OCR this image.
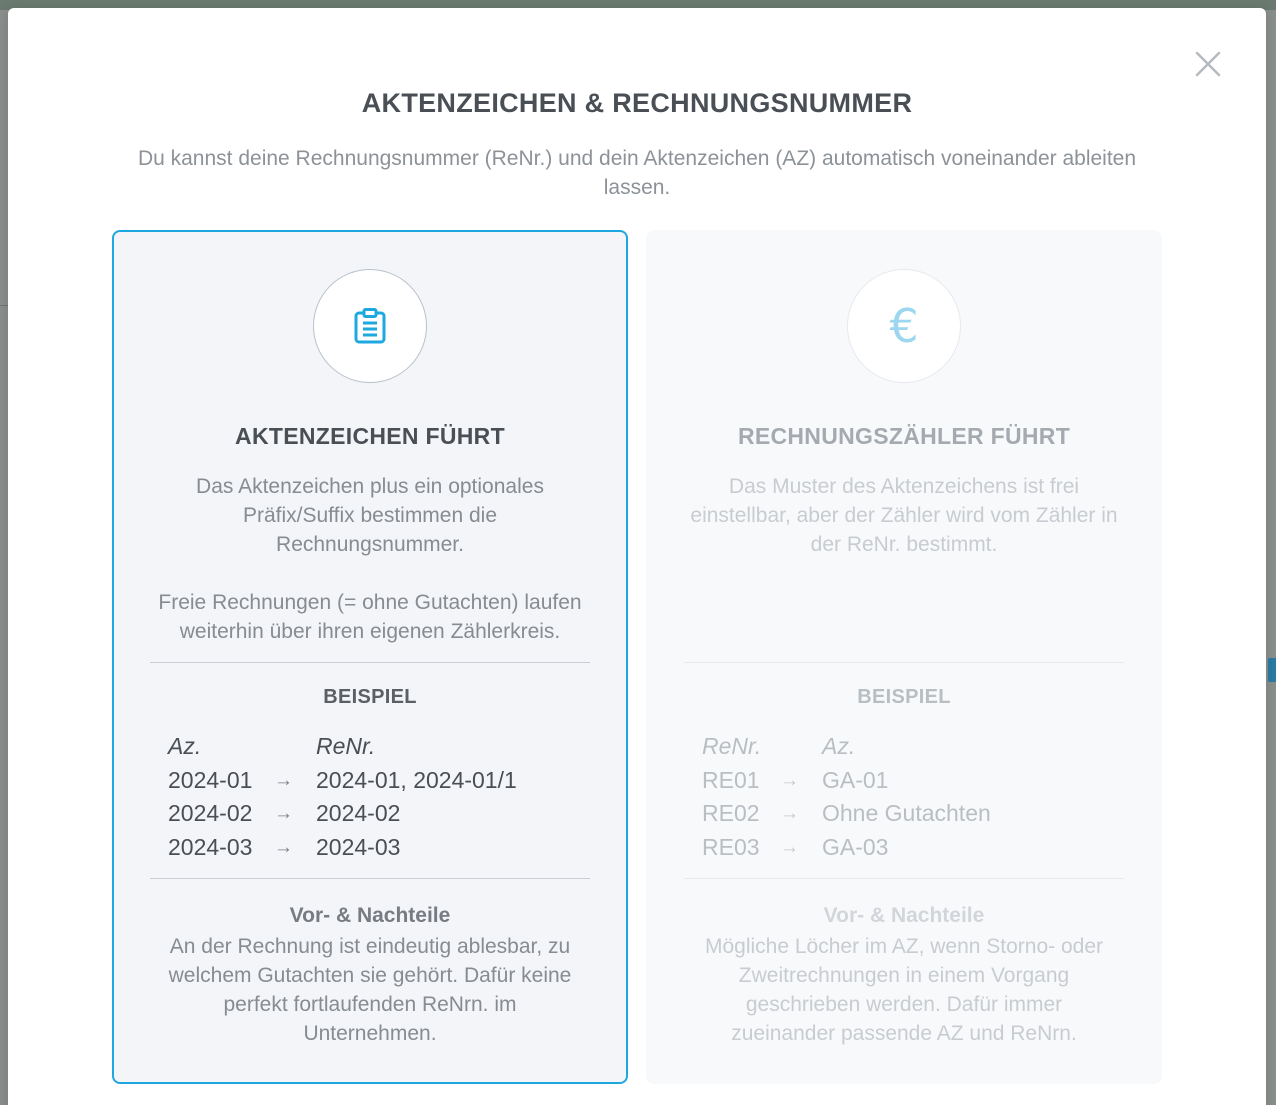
AKTENZEICHEN & RECHNUNGSNUMMER

Du kannst deine Rechnungsnummer (ReNr.) und dein Aktenzeichen (AZ) automatisch voneinander ableiten lassen.

AKTENZEICHEN FÜHRT

Das Aktenzeichen plus ein optionales Präfix/Suffix bestimmen die Rechnungsnummer.

Freie Rechnungen (= ohne Gutachten) laufen weiterhin über ihren eigenen Zählerkreis.

BEISPIEL
Az.	ReNr.
2024-01 → 2024-01, 2024-01/1
2024-02 → 2024-02
2024-03 → 2024-03
Vor- & Nachteile
An der Rechnung ist eindeutig ablesbar, zu welchem Gutachten sie gehört. Dafür keine perfekt fortlaufenden ReNrn. im Unternehmen.
€
RECHNUNGSZÄHLER FÜHRT

Das Muster des Aktenzeichens ist frei einstellbar, aber der Zähler wird vom Zähler in der ReNr. bestimmt.

BEISPIEL
ReNr.	Az.
RE01 → GA-01
RE02 → Ohne Gutachten
RE03 → GA-03
Vor- & Nachteile
Mögliche Löcher im AZ, wenn Storno- oder Zweitrechnungen in einem Vorgang geschrieben werden. Dafür immer zueinander passende AZ und ReNrn.
